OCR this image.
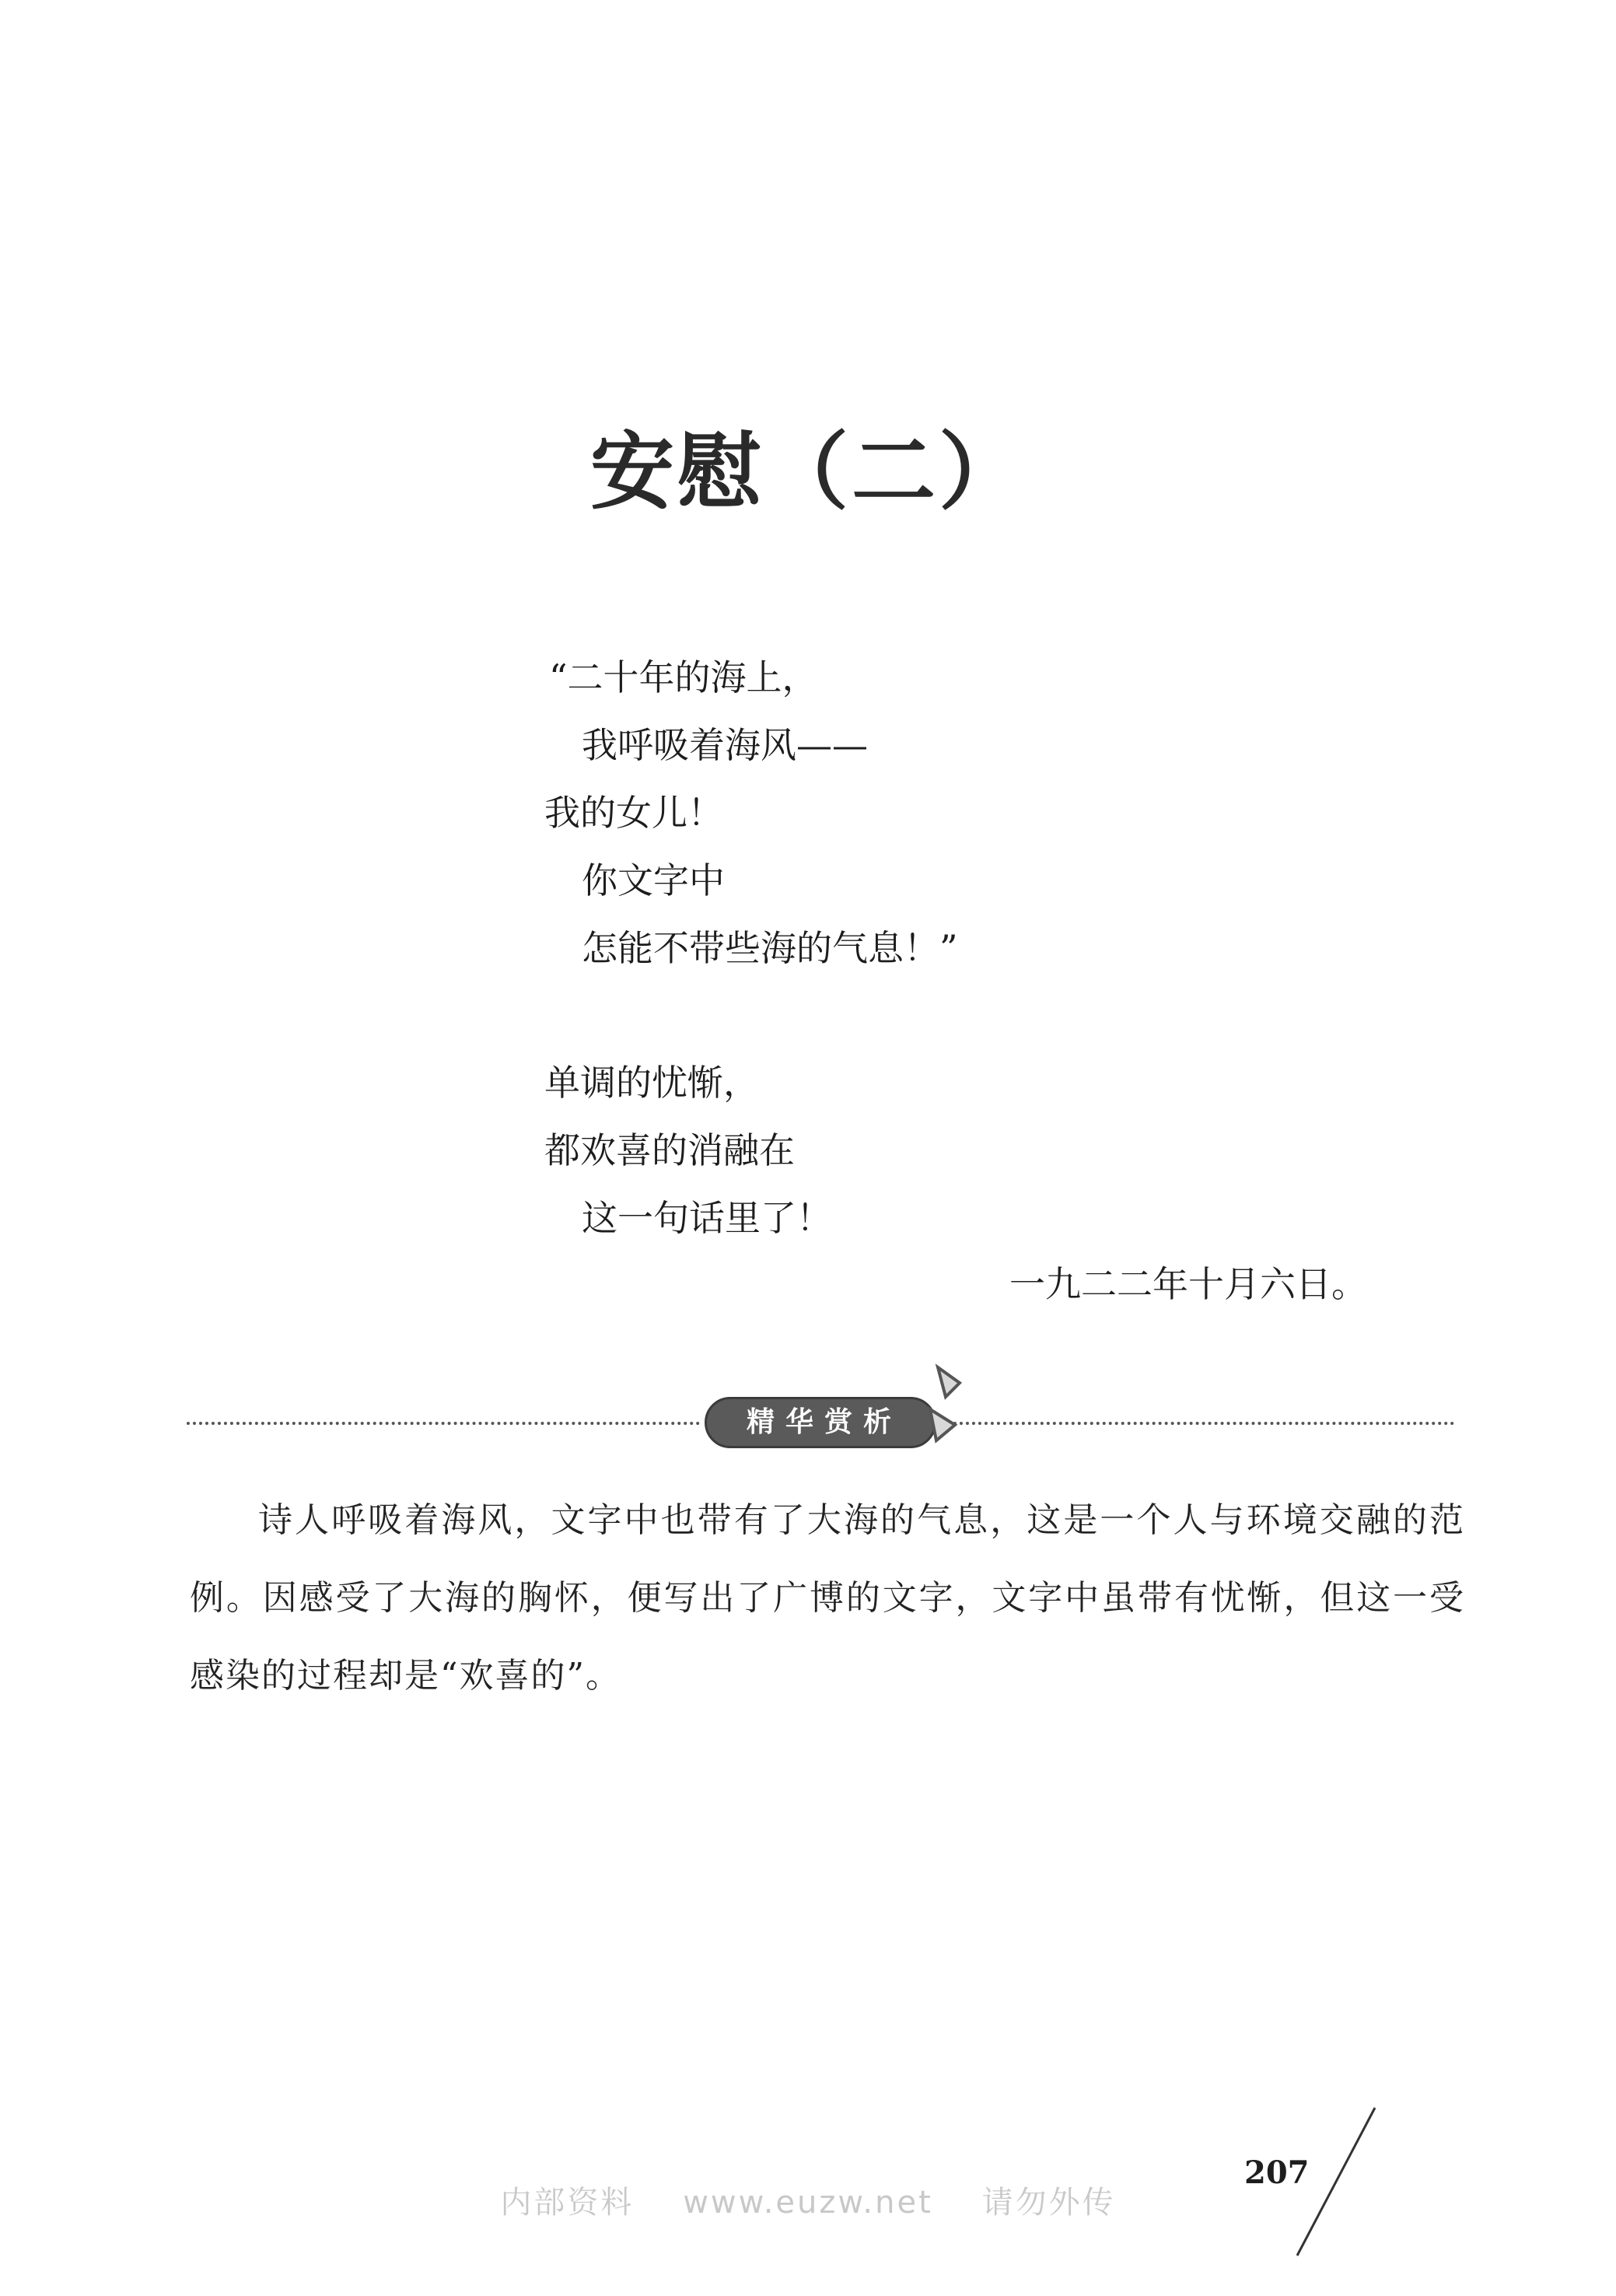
安慰（二）
“二十年的海上，
我呼吸着海风——
我的女儿！
你文字中
怎能不带些海的气息！”
单调的忧惭，
都欢喜的消融在
这一句话里了！
一九二二年十月六日。
精华赏析
诗人呼吸着海风，文字中也带有了大海的气息，这是一个人与环境交融的范例。因感受了大海的胸怀，便写出了广博的文字，文字中虽带有忧惭，但这一受感染的过程却是“欢喜的”。
207
内部资料    www.euzw.net    请勿外传
